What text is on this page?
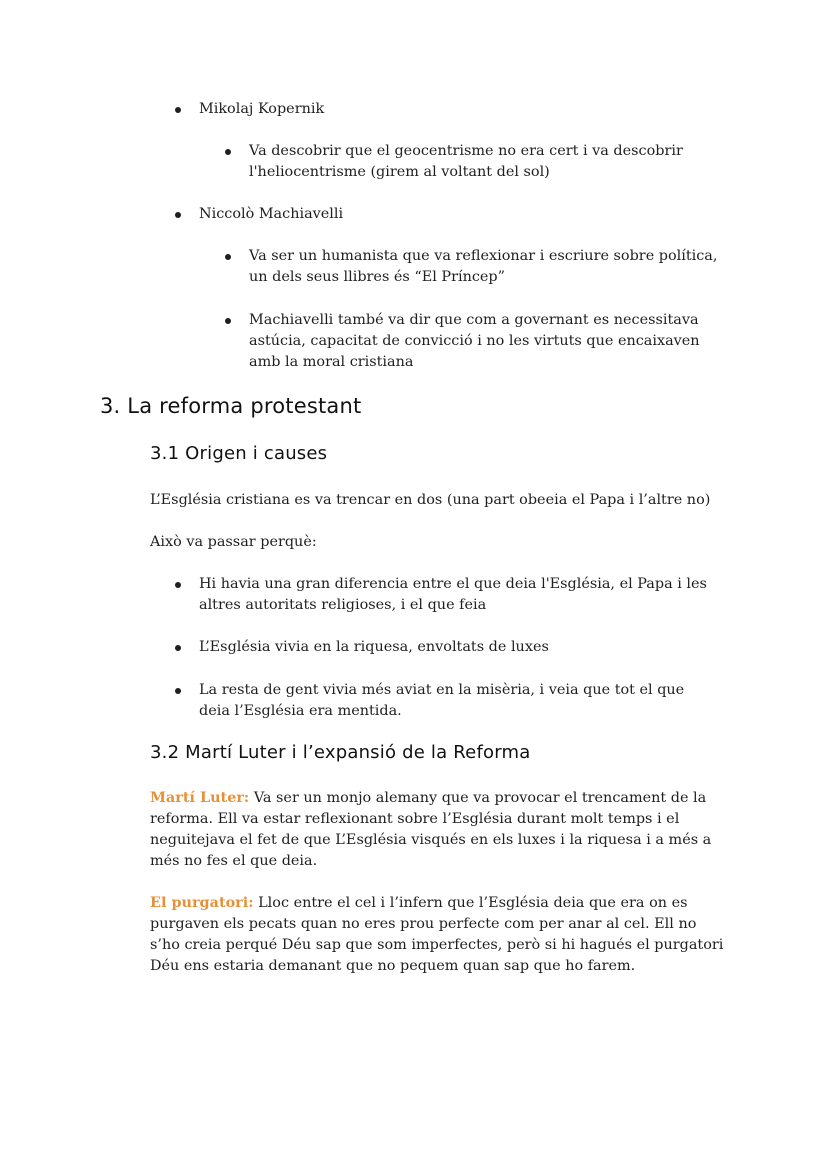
Mikolaj Kopernik
Va descobrir que el geocentrisme no era cert i va descobrir l'heliocentrisme (girem al voltant del sol)
Niccolò Machiavelli
Va ser un humanista que va reflexionar i escriure sobre política, un dels seus llibres és “El Príncep”
Machiavelli també va dir que com a governant es necessitava astúcia, capacitat de convicció i no les virtuts que encaixaven amb la moral cristiana
3. La reforma protestant
3.1 Origen i causes
L’Església cristiana es va trencar en dos (una part obeeia el Papa i l’altre no)
Això va passar perquè:
Hi havia una gran diferencia entre el que deia l'Església, el Papa i les altres autoritats religioses, i el que feia
L’Església vivia en la riquesa, envoltats de luxes
La resta de gent vivia més aviat en la misèria, i veia que tot el que deia l’Església era mentida.
3.2 Martí Luter i l’expansió de la Reforma
Martí Luter: Va ser un monjo alemany que va provocar el trencament de la reforma. Ell va estar reflexionant sobre l’Església durant molt temps i el neguitejava el fet de que L’Església visqués en els luxes i la riquesa i a més a més no fes el que deia.
El purgatori: Lloc entre el cel i l’infern que l’Església deia que era on es purgaven els pecats quan no eres prou perfecte com per anar al cel. Ell no s’ho creia perqué Déu sap que som imperfectes, però si hi hagués el purgatori Déu ens estaria demanant que no pequem quan sap que ho farem.
